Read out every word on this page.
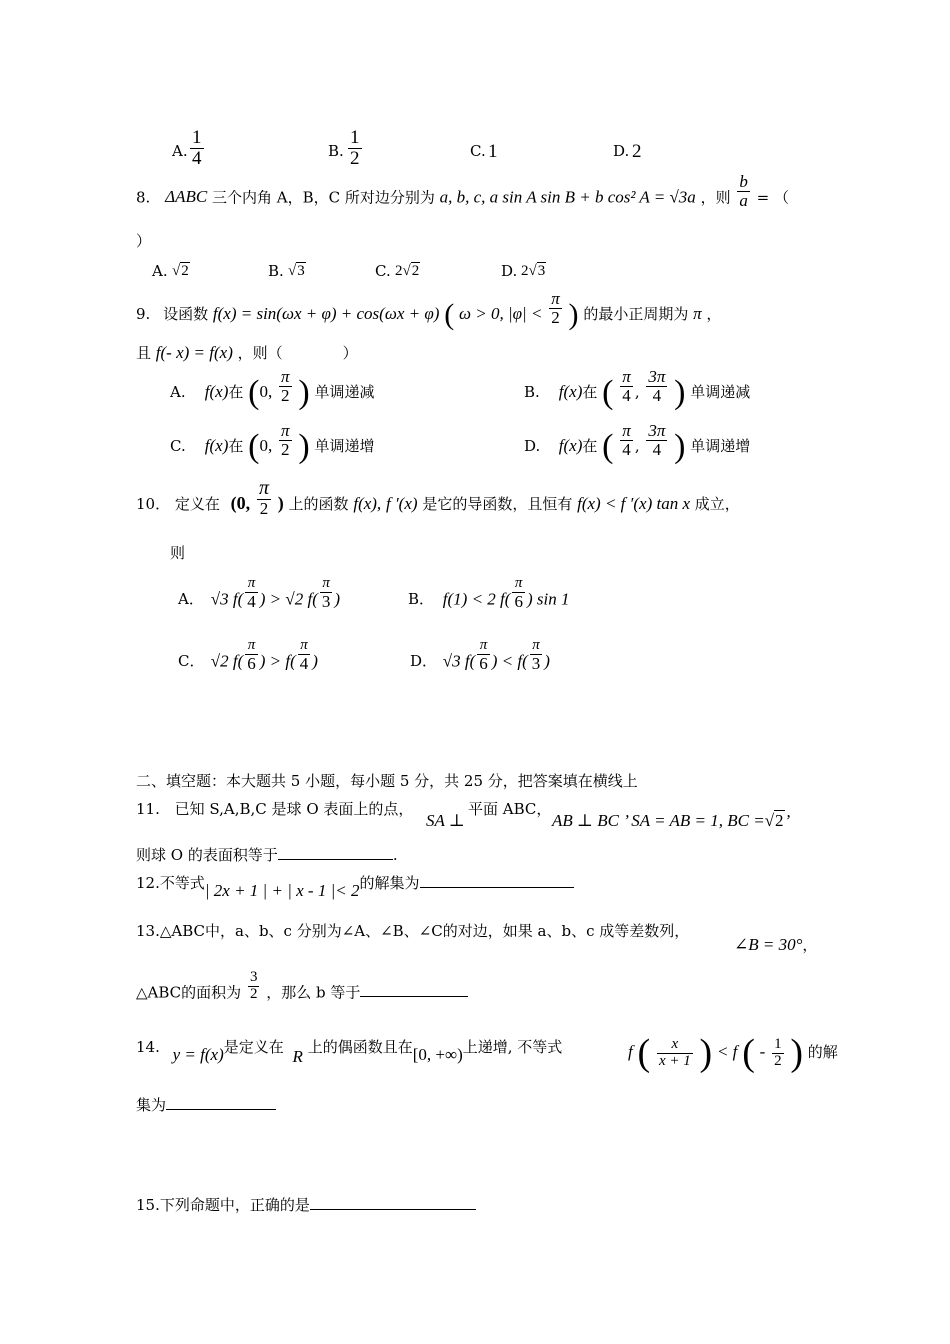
A. $\frac{1}{4}$	B. $\frac{1}{2}$	C. 1	D. 2
8. ΔABC 三个内角 A，B，C 所对边分别为 a, b, c, a sin A sin B + b cos² A = √3a ，则 $\frac{b}{a}$ = （
）
A. √2	B. √3	C. 2√2	D. 2√3
9. 设函数 f(x) = sin(ωx + φ) + cos(ωx + φ) ( ω > 0, $|\varphi| < \frac{\pi}{2}$ ) 的最小正周期为 π ，
且 f(- x) = f(x) ，则（　　　　）
A. f(x)在 (0, $\frac{\pi}{2}$ ) 单调递减	B. f(x)在 ( $\frac{\pi}{4}$ , $\frac{3\pi}{4}$ ) 单调递减
C. f(x)在 (0, $\frac{\pi}{2}$ ) 单调递增	D. f(x)在 ( $\frac{\pi}{4}$ , $\frac{3\pi}{4}$ ) 单调递增
10． 定义在 (0, $\frac{\pi}{2}$ ) 上的函数 f(x), f ′(x) 是它的导函数，且恒有 f(x) < f ′(x) tan x 成立，
则
A． √3 $f( \frac{\pi}{4}$ ) > √2 $f( \frac{\pi}{3}$ )	B． f(1) < 2 $f( \frac{\pi}{6}$ ) sin 1
C． √2 $f( \frac{\pi}{6}$ ) > $f( \frac{\pi}{4}$ )	D． √3 $f( \frac{\pi}{6}$ ) < $f( \frac{\pi}{3}$ )
二、填空题：本大题共 5 小题，每小题 5 分，共 25 分，把答案填在横线上
11. 已知 S,A,B,C 是球 O 表面上的点，
SA ⊥
平面 ABC，
AB ⊥ BC ’ SA = AB = 1, BC =√2’
则球 O 的表面积等于	.
12.不等式| 2x + 1 | + | x - 1 |< 2的解集为
13.△ABC中，a、b、c 分别为∠A、∠B、∠C的对边，如果 a、b、c 成等差数列，
∠B = 30°，
△ABC的面积为 $\frac{3}{2}$ ，那么 b 等于
14. y = f(x)是定义在 R 上的偶函数且在[0, +∞)上递增, 不等式	f ( $\frac{x}{x + 1}$ ) < f ( - $\frac{1}{2}$ ) 的解
集为
15.下列命题中，正确的是
